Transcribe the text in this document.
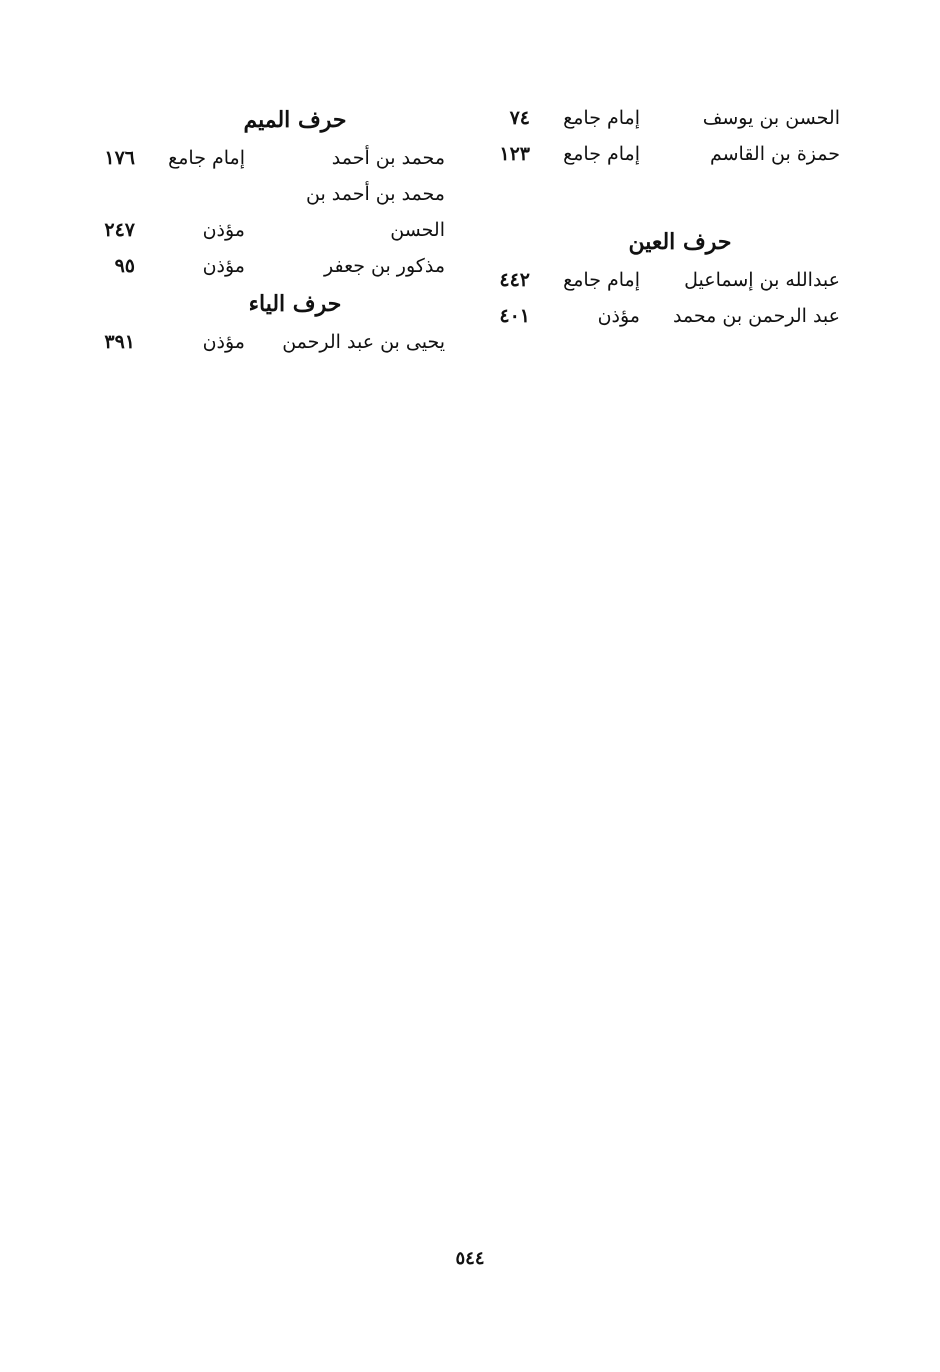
الحسن بن يوسف
إمام جامع
٧٤
حمزة بن القاسم
إمام جامع
١٢٣
حرف العين
عبدالله بن إسماعيل
إمام جامع
٤٤٢
عبد الرحمن بن محمد
مؤذن
٤٠١
حرف الميم
محمد بن أحمد
إمام جامع
١٧٦
محمد بن أحمد بن
الحسن
مؤذن
٢٤٧
مذكور بن جعفر
مؤذن
٩٥
حرف الياء
يحيى بن عبد الرحمن
مؤذن
٣٩١
٥٤٤
